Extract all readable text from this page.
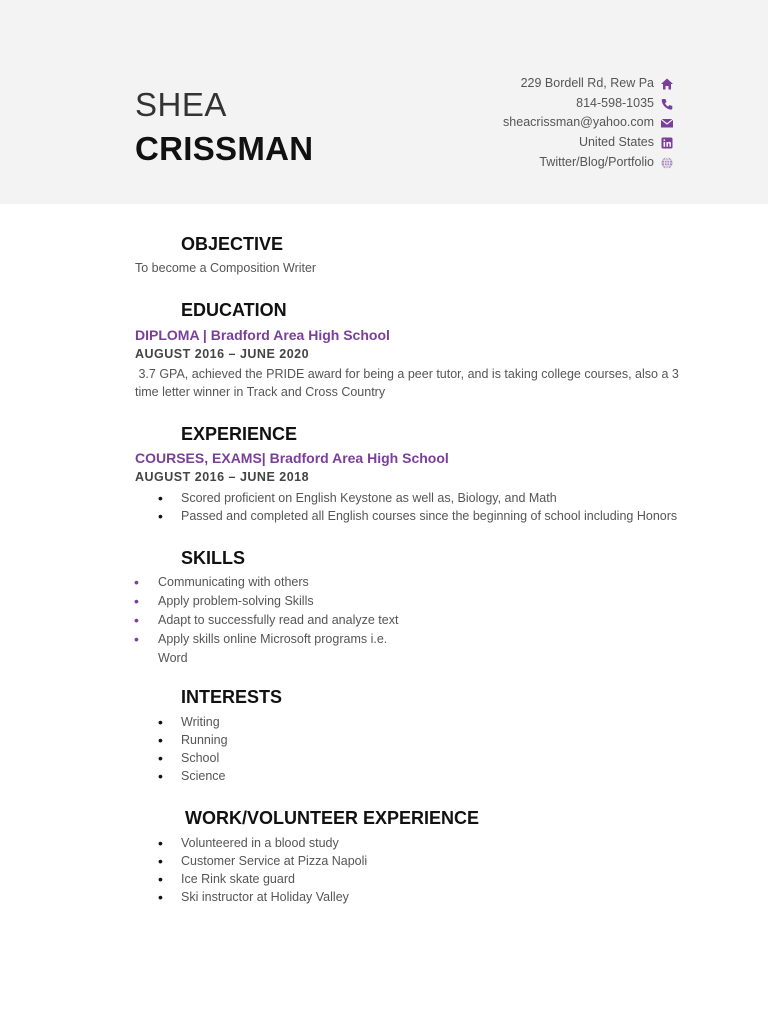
SHEA
CRISSMAN
229 Bordell Rd, Rew Pa
814-598-1035
sheacrissman@yahoo.com
United States
Twitter/Blog/Portfolio
OBJECTIVE
To become a Composition Writer
EDUCATION
DIPLOMA | Bradford Area High School
AUGUST 2016 – JUNE 2020
3.7 GPA, achieved the PRIDE award for being a peer tutor, and is taking college courses, also a 3 time letter winner in Track and Cross Country
EXPERIENCE
COURSES, EXAMS| Bradford Area High School
AUGUST 2016 – JUNE 2018
• Scored proficient on English Keystone as well as, Biology, and Math
• Passed and completed all English courses since the beginning of school including Honors
SKILLS
• Communicating with others
• Apply problem-solving Skills
• Adapt to successfully read and analyze text
• Apply skills online Microsoft programs i.e. Word
INTERESTS
• Writing
• Running
• School
• Science
WORK/VOLUNTEER EXPERIENCE
• Volunteered in a blood study
• Customer Service at Pizza Napoli
• Ice Rink skate guard
• Ski instructor at Holiday Valley
